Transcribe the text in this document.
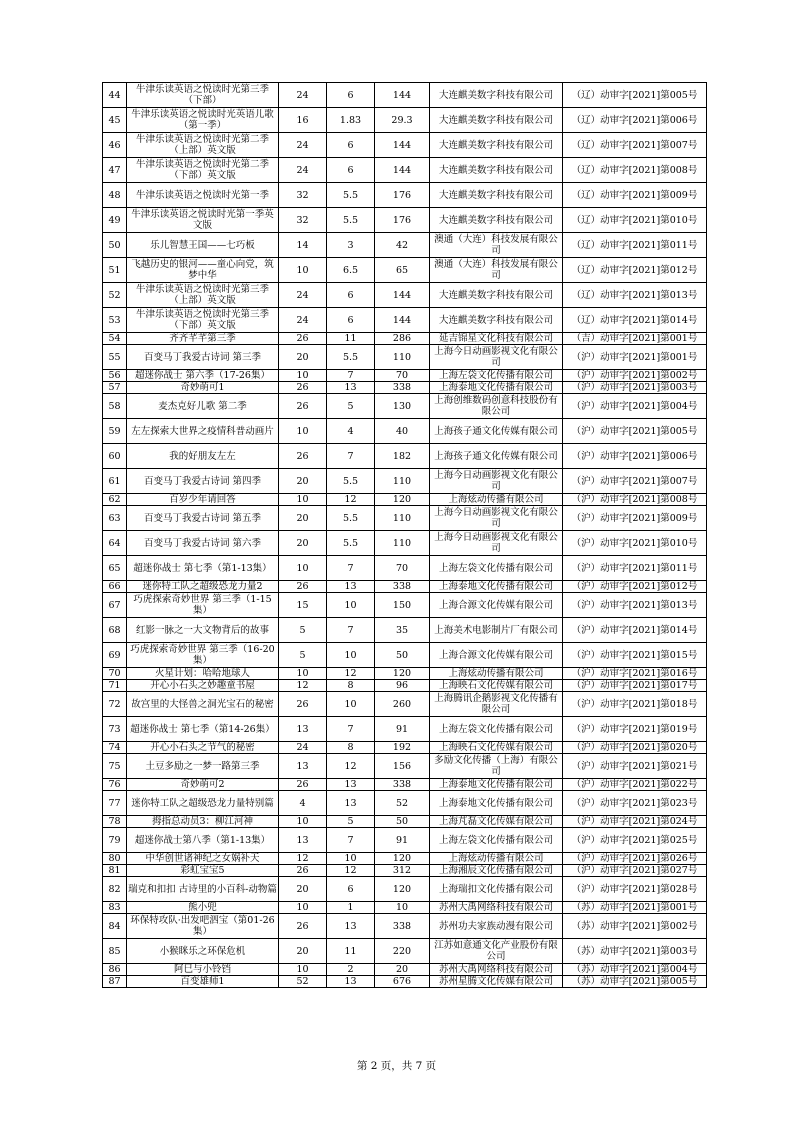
44	牛津乐读英语之悦读时光第三季（下部）	24	6	144	大连麒美数字科技有限公司	（辽）动审字[2021]第005号
45	牛津乐读英语之悦读时光英语儿歌（第一季）	16	1.83	29.3	大连麒美数字科技有限公司	（辽）动审字[2021]第006号
46	牛津乐读英语之悦读时光第二季（上部）英文版	24	6	144	大连麒美数字科技有限公司	（辽）动审字[2021]第007号
47	牛津乐读英语之悦读时光第二季（下部）英文版	24	6	144	大连麒美数字科技有限公司	（辽）动审字[2021]第008号
48	牛津乐读英语之悦读时光第一季	32	5.5	176	大连麒美数字科技有限公司	（辽）动审字[2021]第009号
49	牛津乐读英语之悦读时光第一季英文版	32	5.5	176	大连麒美数字科技有限公司	（辽）动审字[2021]第010号
50	乐儿智慧王国——七巧板	14	3	42	澳通（大连）科技发展有限公司	（辽）动审字[2021]第011号
51	飞越历史的银河——童心向党，筑梦中华	10	6.5	65	澳通（大连）科技发展有限公司	（辽）动审字[2021]第012号
52	牛津乐读英语之悦读时光第三季（上部）英文版	24	6	144	大连麒美数字科技有限公司	（辽）动审字[2021]第013号
53	牛津乐读英语之悦读时光第三季（下部）英文版	24	6	144	大连麒美数字科技有限公司	（辽）动审字[2021]第014号
54	齐齐芊芊第三季	26	11	286	延吉锦星文化科技有限公司	（吉）动审字[2021]第001号
55	百变马丁我爱古诗词 第三季	20	5.5	110	上海今日动画影视文化有限公司	（沪）动审字[2021]第001号
56	超迷你战士 第六季（17-26集）	10	7	70	上海左袋文化传播有限公司	（沪）动审字[2021]第002号
57	奇妙萌可1	26	13	338	上海泰地文化传播有限公司	（沪）动审字[2021]第003号
58	麦杰克好儿歌 第二季	26	5	130	上海创维数码创意科技股份有限公司	（沪）动审字[2021]第004号
59	左左探索大世界之疫情科普动画片	10	4	40	上海孩子通文化传媒有限公司	（沪）动审字[2021]第005号
60	我的好朋友左左	26	7	182	上海孩子通文化传媒有限公司	（沪）动审字[2021]第006号
61	百变马丁我爱古诗词 第四季	20	5.5	110	上海今日动画影视文化有限公司	（沪）动审字[2021]第007号
62	百岁少年请回答	10	12	120	上海炫动传播有限公司	（沪）动审字[2021]第008号
63	百变马丁我爱古诗词 第五季	20	5.5	110	上海今日动画影视文化有限公司	（沪）动审字[2021]第009号
64	百变马丁我爱古诗词 第六季	20	5.5	110	上海今日动画影视文化有限公司	（沪）动审字[2021]第010号
65	超迷你战士 第七季（第1-13集）	10	7	70	上海左袋文化传播有限公司	（沪）动审字[2021]第011号
66	迷你特工队之超级恐龙力量2	26	13	338	上海泰地文化传播有限公司	（沪）动审字[2021]第012号
67	巧虎探索奇妙世界 第三季（1-15集）	15	10	150	上海合源文化传媒有限公司	（沪）动审字[2021]第013号
68	红影一脉之一大文物背后的故事	5	7	35	上海美术电影制片厂有限公司	（沪）动审字[2021]第014号
69	巧虎探索奇妙世界 第三季（16-20集）	5	10	50	上海合源文化传媒有限公司	（沪）动审字[2021]第015号
70	火星计划：哈哈地球人	10	12	120	上海炫动传播有限公司	（沪）动审字[2021]第016号
71	开心小石头之妙趣童书屋	12	8	96	上海映石文化传媒有限公司	（沪）动审字[2021]第017号
72	故宫里的大怪兽之洞光宝石的秘密	26	10	260	上海腾讯企鹅影视文化传播有限公司	（沪）动审字[2021]第018号
73	超迷你战士 第七季（第14-26集）	13	7	91	上海左袋文化传播有限公司	（沪）动审字[2021]第019号
74	开心小石头之节气的秘密	24	8	192	上海映石文化传媒有限公司	（沪）动审字[2021]第020号
75	土豆多励之一梦一路第三季	13	12	156	多励文化传播（上海）有限公司	（沪）动审字[2021]第021号
76	奇妙萌可2	26	13	338	上海泰地文化传播有限公司	（沪）动审字[2021]第022号
77	迷你特工队之超级恐龙力量特别篇	4	13	52	上海泰地文化传播有限公司	（沪）动审字[2021]第023号
78	拇指总动员3：柳江河神	10	5	50	上海芃磊文化传媒有限公司	（沪）动审字[2021]第024号
79	超迷你战士第八季（第1-13集）	13	7	91	上海左袋文化传播有限公司	（沪）动审字[2021]第025号
80	中华创世诸神纪之女娲补天	12	10	120	上海炫动传播有限公司	（沪）动审字[2021]第026号
81	彩虹宝宝5	26	12	312	上海湘辰文化传播有限公司	（沪）动审字[2021]第027号
82	瑞克和扣扣 古诗里的小百科-动物篇	20	6	120	上海瑞扣文化传播有限公司	（沪）动审字[2021]第028号
83	熊小兜	10	1	10	苏州大禹网络科技有限公司	（苏）动审字[2021]第001号
84	环保特攻队·出发吧泗宝（第01-26集）	26	13	338	苏州功夫家族动漫有限公司	（苏）动审字[2021]第002号
85	小猴眯乐之环保危机	20	11	220	江苏如意通文化产业股份有限公司	（苏）动审字[2021]第003号
86	阿巳与小铃铛	10	2	20	苏州大禹网络科技有限公司	（苏）动审字[2021]第004号
87	百变雄师1	52	13	676	苏州星腾文化传媒有限公司	（苏）动审字[2021]第005号
第 2 页，共 7 页
